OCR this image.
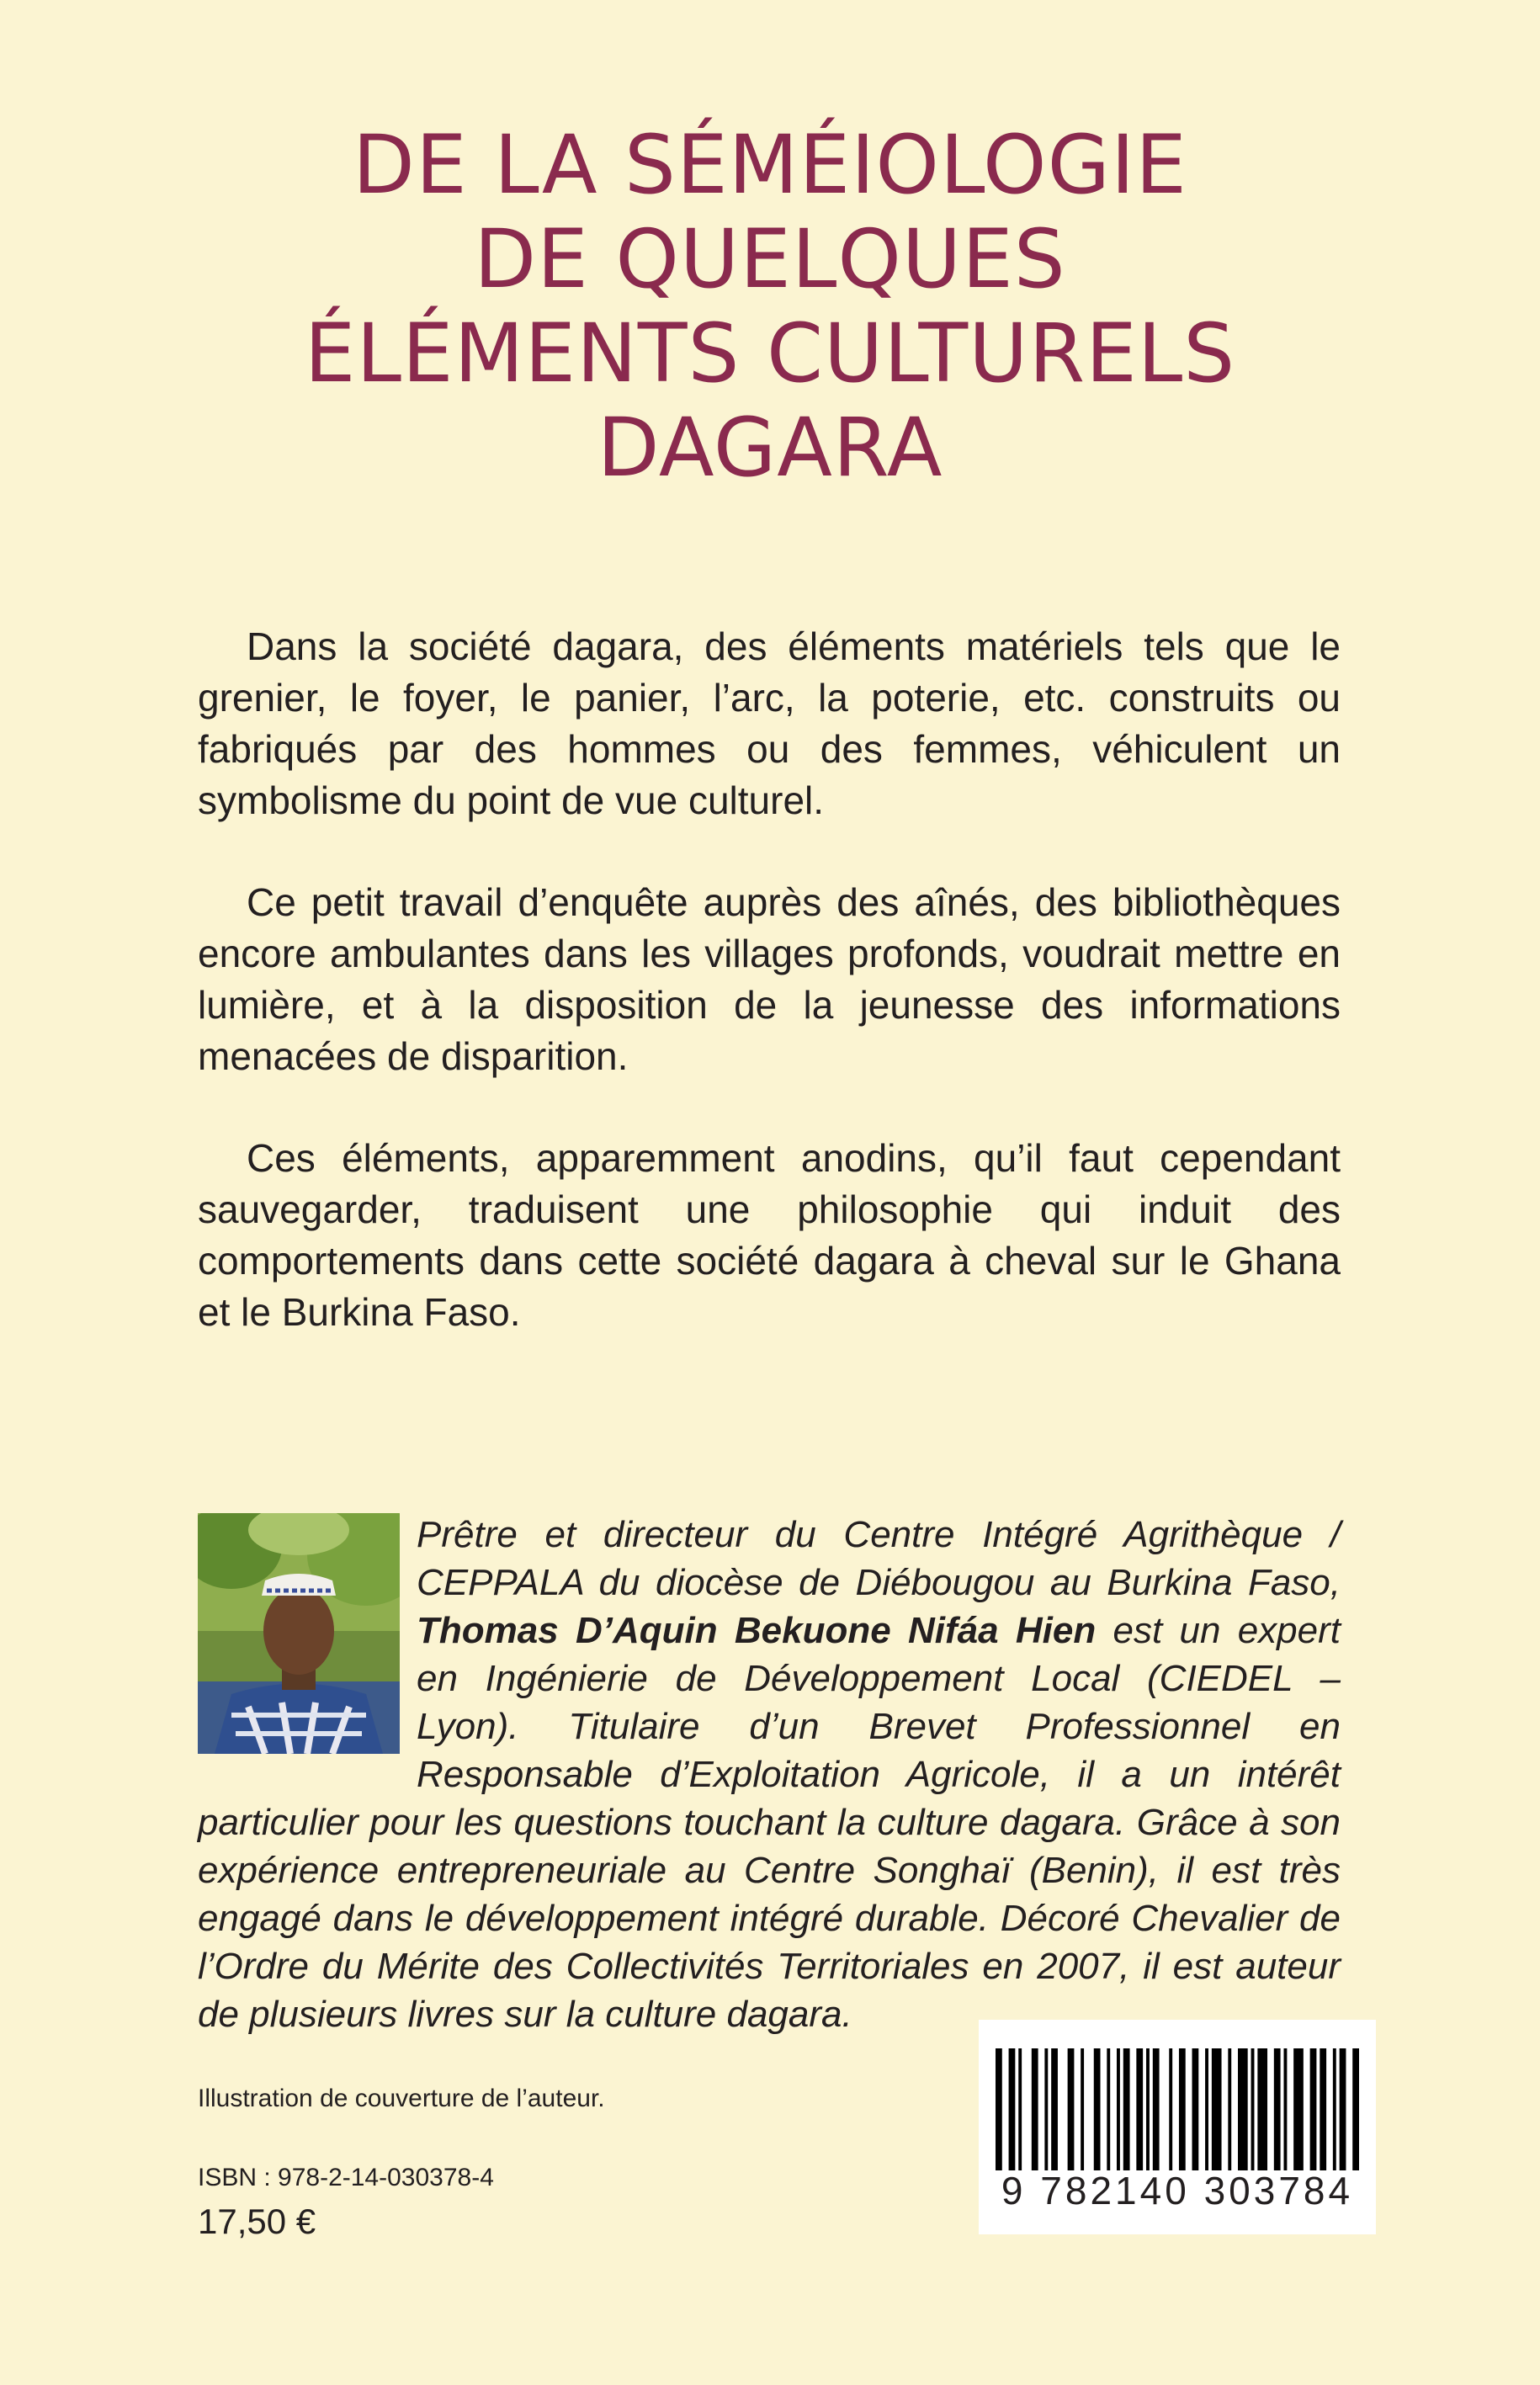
DE LA SÉMÉIOLOGIE
DE QUELQUES
ÉLÉMENTS CULTURELS
DAGARA

Dans la société dagara, des éléments matériels tels que le grenier, le foyer, le panier, l’arc, la poterie, etc. construits ou fabriqués par des hommes ou des femmes, véhiculent un symbolisme du point de vue culturel.

Ce petit travail d’enquête auprès des aînés, des bibliothèques encore ambulantes dans les villages profonds, voudrait mettre en lumière, et à la disposition de la jeunesse des informations menacées de disparition.

Ces éléments, apparemment anodins, qu’il faut cependant sauvegarder, traduisent une philosophie qui induit des comportements dans cette société dagara à cheval sur le Ghana et le Burkina Faso.

Prêtre et directeur du Centre Intégré Agrithèque / CEPPALA du diocèse de Diébougou au Burkina Faso, Thomas D’Aquin Bekuone Nifáa Hien est un expert en Ingénierie de Développement Local (CIEDEL – Lyon). Titulaire d’un Brevet Professionnel en Responsable d’Exploitation Agricole, il a un intérêt particulier pour les questions touchant la culture dagara. Grâce à son expérience entrepreneuriale au Centre Songhaï (Benin), il est très engagé dans le développement intégré durable. Décoré Chevalier de l’Ordre du Mérite des Collectivités Territoriales en 2007, il est auteur de plusieurs livres sur la culture dagara.
Illustration de couverture de l’auteur.
ISBN : 978-2-14-030378-4
17,50 €
9 782140 303784
